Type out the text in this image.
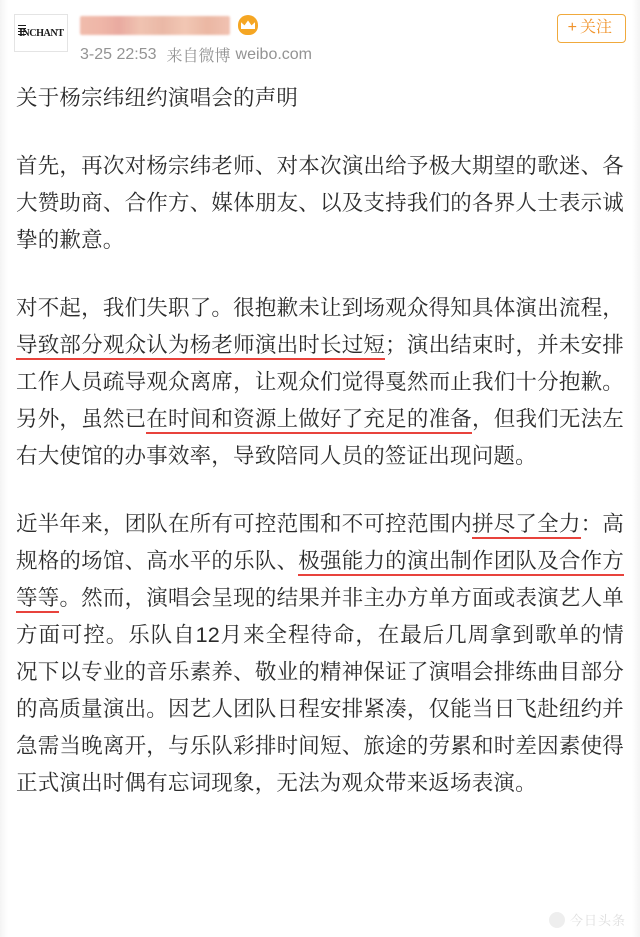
INCHANT
3-25 22:53 来自微博 weibo.com
+ 关注
关于杨宗纬纽约演唱会的声明
首先，再次对杨宗纬老师、对本次演出给予极大期望的歌迷、各大赞助商、合作方、媒体朋友、以及支持我们的各界人士表示诚挚的歉意。
对不起，我们失职了。很抱歉未让到场观众得知具体演出流程，导致部分观众认为杨老师演出时长过短；演出结束时，并未安排工作人员疏导观众离席，让观众们觉得戛然而止我们十分抱歉。另外，虽然已在时间和资源上做好了充足的准备，但我们无法左右大使馆的办事效率，导致陪同人员的签证出现问题。
近半年来，团队在所有可控范围和不可控范围内拼尽了全力：高规格的场馆、高水平的乐队、极强能力的演出制作团队及合作方等等。然而，演唱会呈现的结果并非主办方单方面或表演艺人单方面可控。乐队自12月来全程待命，在最后几周拿到歌单的情况下以专业的音乐素养、敬业的精神保证了演唱会排练曲目部分的高质量演出。因艺人团队日程安排紧凑，仅能当日飞赴纽约并急需当晚离开，与乐队彩排时间短、旅途的劳累和时差因素使得正式演出时偶有忘词现象，无法为观众带来返场表演。
今日头条
